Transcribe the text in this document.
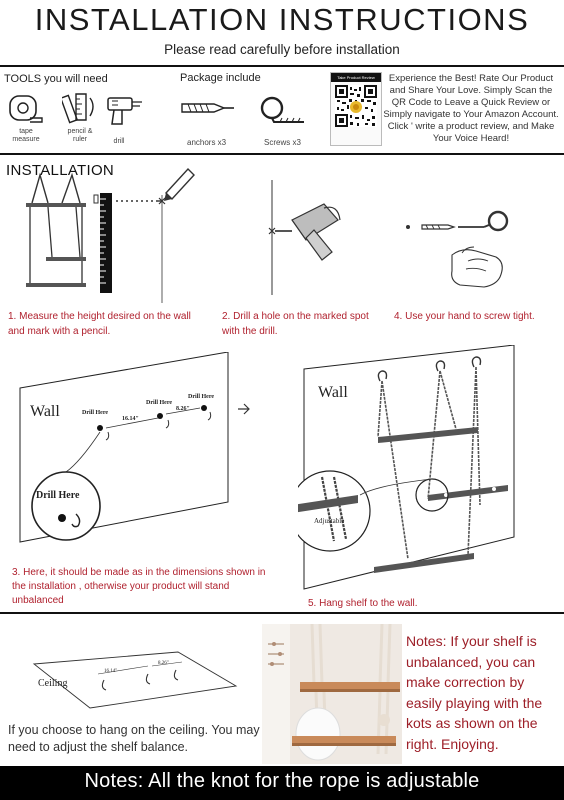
INSTALLATION INSTRUCTIONS
Please read carefully before installation
TOOLS you will need
tape
measure
pencil &
ruler	drill
Package include
anchors x3	Screws x3
Take Product Review	Experience the Best! Rate Our Product and Share Your Love. Simply Scan the QR Code to Leave a Quick Review or Simply navigate to Your Amazon Account. Click ' write a product review, and Make Your Voice Heard!
INSTALLATION
1. Measure the height desired on the wall and mark with a pencil.
2. Drill a hole on the marked spot with the drill.
4. Use your hand to screw tight.
Wall	Drill Here
Drill Here
Drill Here
16.14"
8.26"
Drill Here
Wall
Adjustable
3. Here, it should be made as in the dimensions shown in the installation , otherwise your product will stand unbalanced	5. Hang shelf to the wall.
Ceiling
16.14"
8.26"
If you choose to hang on the ceiling. You may need to adjust the shelf balance.
Notes: If your shelf is unbalanced, you can make correction by easily playing with the kots as shown on the right. Enjoying.
Notes: All the knot for the rope is adjustable
